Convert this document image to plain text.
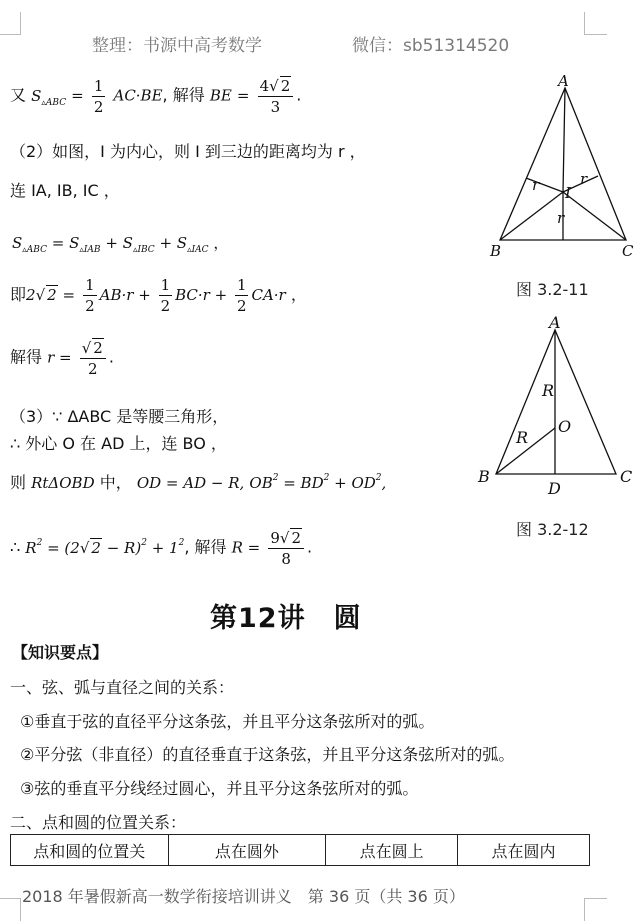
整理：书源中高考数学	微信：sb51314520
又 $S_{▵ABC} = \frac{1}{2} AC\cdot BE$, 解得 BE = $\frac{4√ 2}{3}$ .
（2）如图，I 为内心，则 I 到三边的距离均为 r ，
连 IA, IB, IC ，
$S_{▵ABC} = S_{▵IAB} + S_{▵IBC} + S_{▵IAC}$ ，
即2√ $2 = \frac{1}{2} AB\cdot r + \frac{1}{2} BC\cdot r + \frac{1}{2} CA\cdot r$ ，
解得 $r = \frac{√ 2}{2}$ .
（3）∵ ΔABC 是等腰三角形，
∴ 外心 O 在 AD 上，连 BO ，
则 RtΔOBD 中， OD = AD − R, $OB^2 = BD^2 + OD^2$,
∴ $R^2 = (2√$ $2 - R)^2 + 1^2$, 解得 $R = \frac{9√ 2}{8}$ .
A
B	C
I
r	r
r
图 3.2-11
A
B	C
D
O
R
R
图 3.2-12
第12讲　圆
【知识要点】
一、弦、弧与直径之间的关系：
①垂直于弦的直径平分这条弦，并且平分这条弦所对的弧。
②平分弦（非直径）的直径垂直于这条弦，并且平分这条弦所对的弧。
③弦的垂直平分线经过圆心，并且平分这条弦所对的弧。
二、点和圆的位置关系：
点和圆的位置关	点在圆外	点在圆上	点在圆内
2018 年暑假新高一数学衔接培训讲义　第 36 页（共 36 页）
